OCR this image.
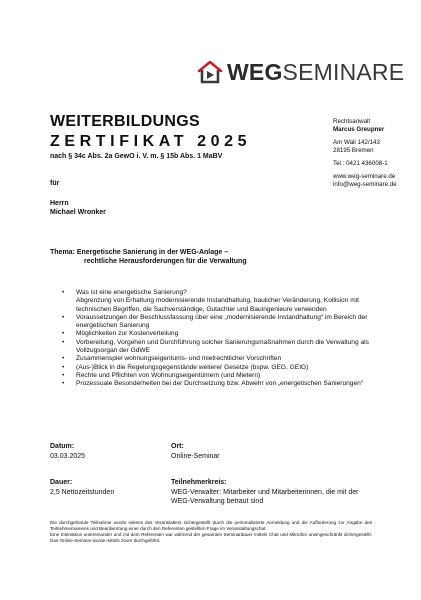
WEGSEMINARE
WEITERBILDUNGS
ZERTIFIKAT 2025
nach § 34c Abs. 2a GewO i. V. m. § 15b Abs. 1 MaBV
Rechtsanwalt
Marcus Greupner
Am Wall 142/143
28195 Bremen
Tel.: 0421 436008-1
www.weg-seminare.de
info@weg-seminare.de
für
Herrn
Michael Wronker
Thema: Energetische Sanierung in der WEG-Anlage –
rechtliche Herausforderungen für die Verwaltung
• Was ist eine energetische Sanierung?
Abgrenzung von Erhaltung modernisierende Instandhaltung, baulicher Veränderung, Kollision mit technischen Begriffen, die Sachverständige, Gutachter und Bauingenieure verwenden
• Voraussetzungen der Beschlussfassung über eine „modernisierende Instandhaltung“ im Bereich der energetischen Sanierung
• Möglichkeiten zur Kostenverteilung
• Vorbereitung, Vorgehen und Durchführung solcher Sanierungsmaßnahmen durch die Verwaltung als Vollzugsorgan der GdWE
• Zusammenspiel wohnungseigentums- und mietrechtlicher Vorschriften
• (Aus-)Blick in die Regelungsgegenstände weiterer Gesetze (bspw. GEG, GEIG)
• Rechte und Pflichten von Wohnungseigentümern (und Mietern)
• Prozessuale Besonderheiten bei der Durchsetzung bzw. Abwehr von „energetischen Sanierungen“
Datum:
03.03.2025
Ort:
Online-Seminar
Dauer:
2,5 Nettozeitstunden
Teilnehmerkreis:
WEG-Verwalter: Mitarbeiter und Mitarbeiterinnen, die mit der WEG-Verwaltung betraut sind
Die durchgehende Teilnahme wurde seitens des Veranstalters sichergestellt durch die personalisierte Anmeldung und die Aufforderung zur Angabe des Teilnehmernamens und Beantwortung einer durch den Referenten gestellten Frage im Veranstaltungschat.
Eine Interaktion untereinander und mit dem Referenten war während der gesamten Seminardauer mittels Chat und Mikrofon uneingeschränkt sichergestellt. Das Online-Seminar wurde mittels zoom durchgeführt.
